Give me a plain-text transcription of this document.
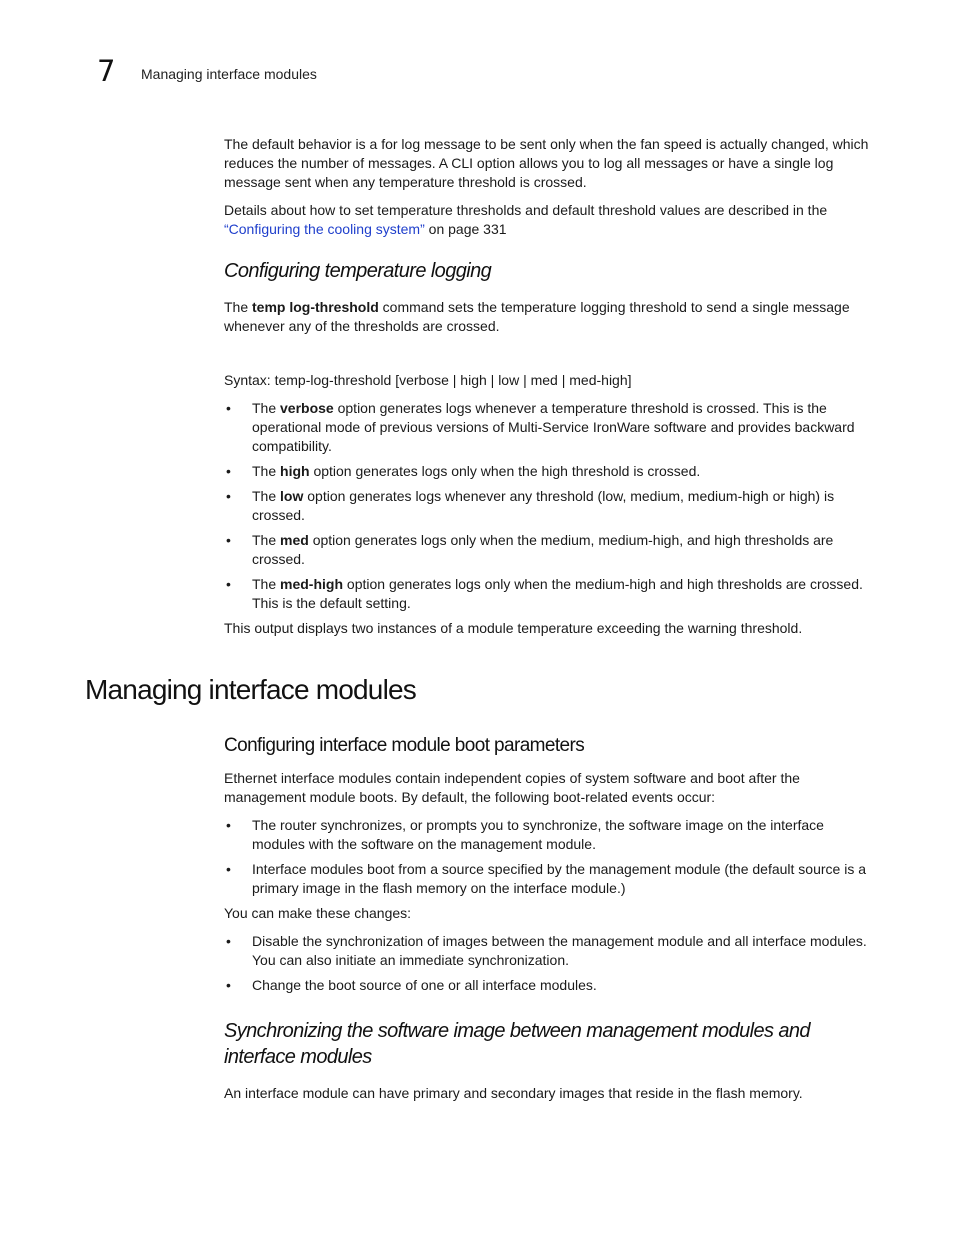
7 Managing interface modules

The default behavior is a for log message to be sent only when the fan speed is actually changed, which reduces the number of messages. A CLI option allows you to log all messages or have a single log message sent when any temperature threshold is crossed.

Details about how to set temperature thresholds and default threshold values are described in the “Configuring the cooling system” on page 331

Configuring temperature logging

The temp log-threshold command sets the temperature logging threshold to send a single message whenever any of the thresholds are crossed.

Syntax: temp-log-threshold [verbose | high | low | med | med-high]

• The verbose option generates logs whenever a temperature threshold is crossed. This is the operational mode of previous versions of Multi-Service IronWare software and provides backward compatibility.
• The high option generates logs only when the high threshold is crossed.
• The low option generates logs whenever any threshold (low, medium, medium-high or high) is crossed.
• The med option generates logs only when the medium, medium-high, and high thresholds are crossed.
• The med-high option generates logs only when the medium-high and high thresholds are crossed. This is the default setting.

This output displays two instances of a module temperature exceeding the warning threshold.

Managing interface modules
Configuring interface module boot parameters

Ethernet interface modules contain independent copies of system software and boot after the management module boots. By default, the following boot-related events occur:

• The router synchronizes, or prompts you to synchronize, the software image on the interface modules with the software on the management module.
• Interface modules boot from a source specified by the management module (the default source is a primary image in the flash memory on the interface module.)

You can make these changes:

• Disable the synchronization of images between the management module and all interface modules. You can also initiate an immediate synchronization.
• Change the boot source of one or all interface modules.
Synchronizing the software image between management modules and interface modules

An interface module can have primary and secondary images that reside in the flash memory.
